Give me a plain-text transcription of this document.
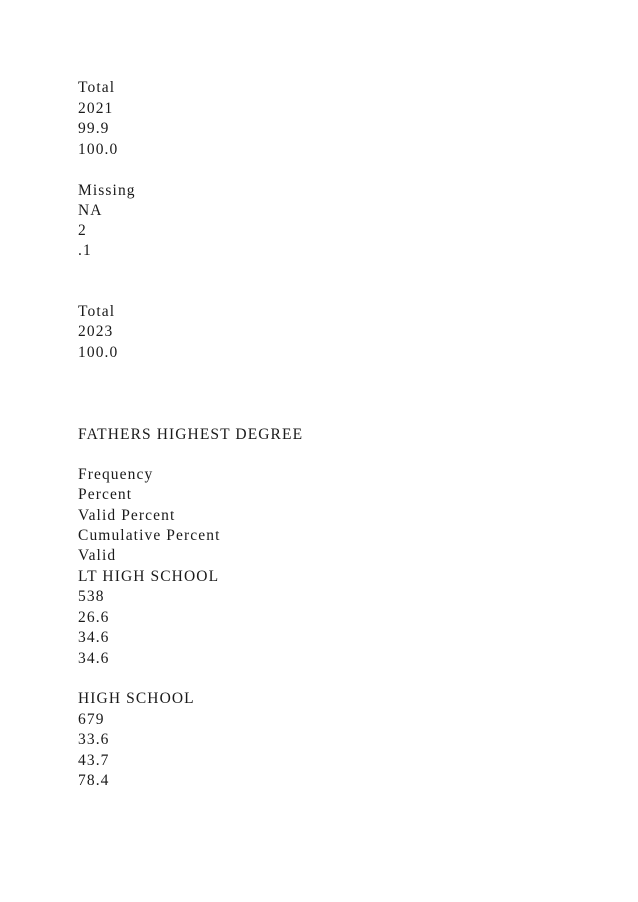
Total

2021

99.9

100.0

Missing

NA

2

.1

Total

2023

100.0

FATHERS HIGHEST DEGREE

Frequency

Percent

Valid Percent

Cumulative Percent

Valid

LT HIGH SCHOOL

538

26.6

34.6

34.6

HIGH SCHOOL

679

33.6

43.7

78.4
